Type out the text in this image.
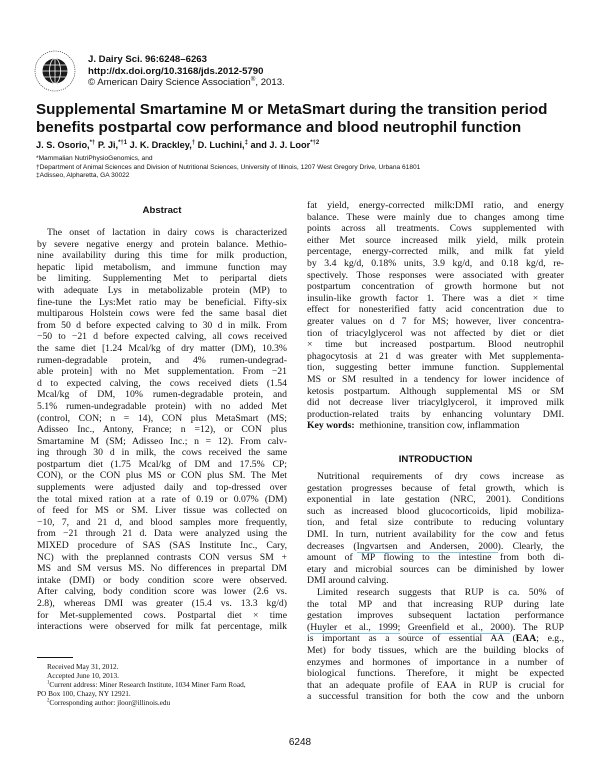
J. Dairy Sci. 96:6248–6263
http://dx.doi.org/10.3168/jds.2012-5790
© American Dairy Science Association®, 2013.
Supplemental Smartamine M or MetaSmart during the transition period
benefits postpartal cow performance and blood neutrophil function
J. S. Osorio,*† P. Ji,$^{*\dagger 1}$ J. K. Drackley,† D. Luchini,‡ and J. J. Loor$^{*\dagger 2}$
*Mammalian NutriPhysioGenomics, and
†Department of Animal Sciences and Division of Nutritional Sciences, University of Illinois, 1207 West Gregory Drive, Urbana 61801
‡Adisseo, Alpharetta, GA 30022
Abstract
The onset of lactation in dairy cows is characterized
by severe negative energy and protein balance. Methio-
nine availability during this time for milk production,
hepatic lipid metabolism, and immune function may
be limiting. Supplementing Met to peripartal diets
with adequate Lys in metabolizable protein (MP) to
fine-tune the Lys:Met ratio may be beneficial. Fifty-six
multiparous Holstein cows were fed the same basal diet
from 50 d before expected calving to 30 d in milk. From
−50 to −21 d before expected calving, all cows received
the same diet [1.24 Mcal/kg of dry matter (DM), 10.3%
rumen-degradable protein, and 4% rumen-undegrad-
able protein] with no Met supplementation. From −21
d to expected calving, the cows received diets (1.54
Mcal/kg of DM, 10% rumen-degradable protein, and
5.1% rumen-undegradable protein) with no added Met
(control, CON; n = 14), CON plus MetaSmart (MS;
Adisseo Inc., Antony, France; n =12), or CON plus
Smartamine M (SM; Adisseo Inc.; n = 12). From calv-
ing through 30 d in milk, the cows received the same
postpartum diet (1.75 Mcal/kg of DM and 17.5% CP;
CON), or the CON plus MS or CON plus SM. The Met
supplements were adjusted daily and top-dressed over
the total mixed ration at a rate of 0.19 or 0.07% (DM)
of feed for MS or SM. Liver tissue was collected on
−10, 7, and 21 d, and blood samples more frequently,
from −21 through 21 d. Data were analyzed using the
MIXED procedure of SAS (SAS Institute Inc., Cary,
NC) with the preplanned contrasts CON versus SM +
MS and SM versus MS. No differences in prepartal DM
intake (DMI) or body condition score were observed.
After calving, body condition score was lower (2.6 vs.
2.8), whereas DMI was greater (15.4 vs. 13.3 kg/d)
for Met-supplemented cows. Postpartal diet × time
interactions were observed for milk fat percentage, milk
fat yield, energy-corrected milk:DMI ratio, and energy
balance. These were mainly due to changes among time
points across all treatments. Cows supplemented with
either Met source increased milk yield, milk protein
percentage, energy-corrected milk, and milk fat yield
by 3.4 kg/d, 0.18% units, 3.9 kg/d, and 0.18 kg/d, re-
spectively. Those responses were associated with greater
postpartum concentration of growth hormone but not
insulin-like growth factor 1. There was a diet × time
effect for nonesterified fatty acid concentration due to
greater values on d 7 for MS; however, liver concentra-
tion of triacylglycerol was not affected by diet or diet
× time but increased postpartum. Blood neutrophil
phagocytosis at 21 d was greater with Met supplementa-
tion, suggesting better immune function. Supplemental
MS or SM resulted in a tendency for lower incidence of
ketosis postpartum. Although supplemental MS or SM
did not decrease liver triacylglycerol, it improved milk
production-related traits by enhancing voluntary DMI.
Key words: methionine, transition cow, inflammation
INTRODUCTION
Nutritional requirements of dry cows increase as
gestation progresses because of fetal growth, which is
exponential in late gestation (NRC, 2001). Conditions
such as increased blood glucocorticoids, lipid mobiliza-
tion, and fetal size contribute to reducing voluntary
DMI. In turn, nutrient availability for the cow and fetus
decreases (Ingvartsen and Andersen, 2000). Clearly, the
amount of MP flowing to the intestine from both di-
etary and microbial sources can be diminished by lower
DMI around calving.
Limited research suggests that RUP is ca. 50% of
the total MP and that increasing RUP during late
gestation improves subsequent lactation performance
(Huyler et al., 1999; Greenfield et al., 2000). The RUP
is important as a source of essential AA (EAA; e.g.,
Met) for body tissues, which are the building blocks of
enzymes and hormones of importance in a number of
biological functions. Therefore, it might be expected
that an adequate profile of EAA in RUP is crucial for
a successful transition for both the cow and the unborn
Received May 31, 2012.
Accepted June 10, 2013.
$^1$Current address: Miner Research Institute, 1034 Miner Farm Road,
PO Box 100, Chazy, NY 12921.
$^2$Corresponding author: jloor@illinois.edu
6248
